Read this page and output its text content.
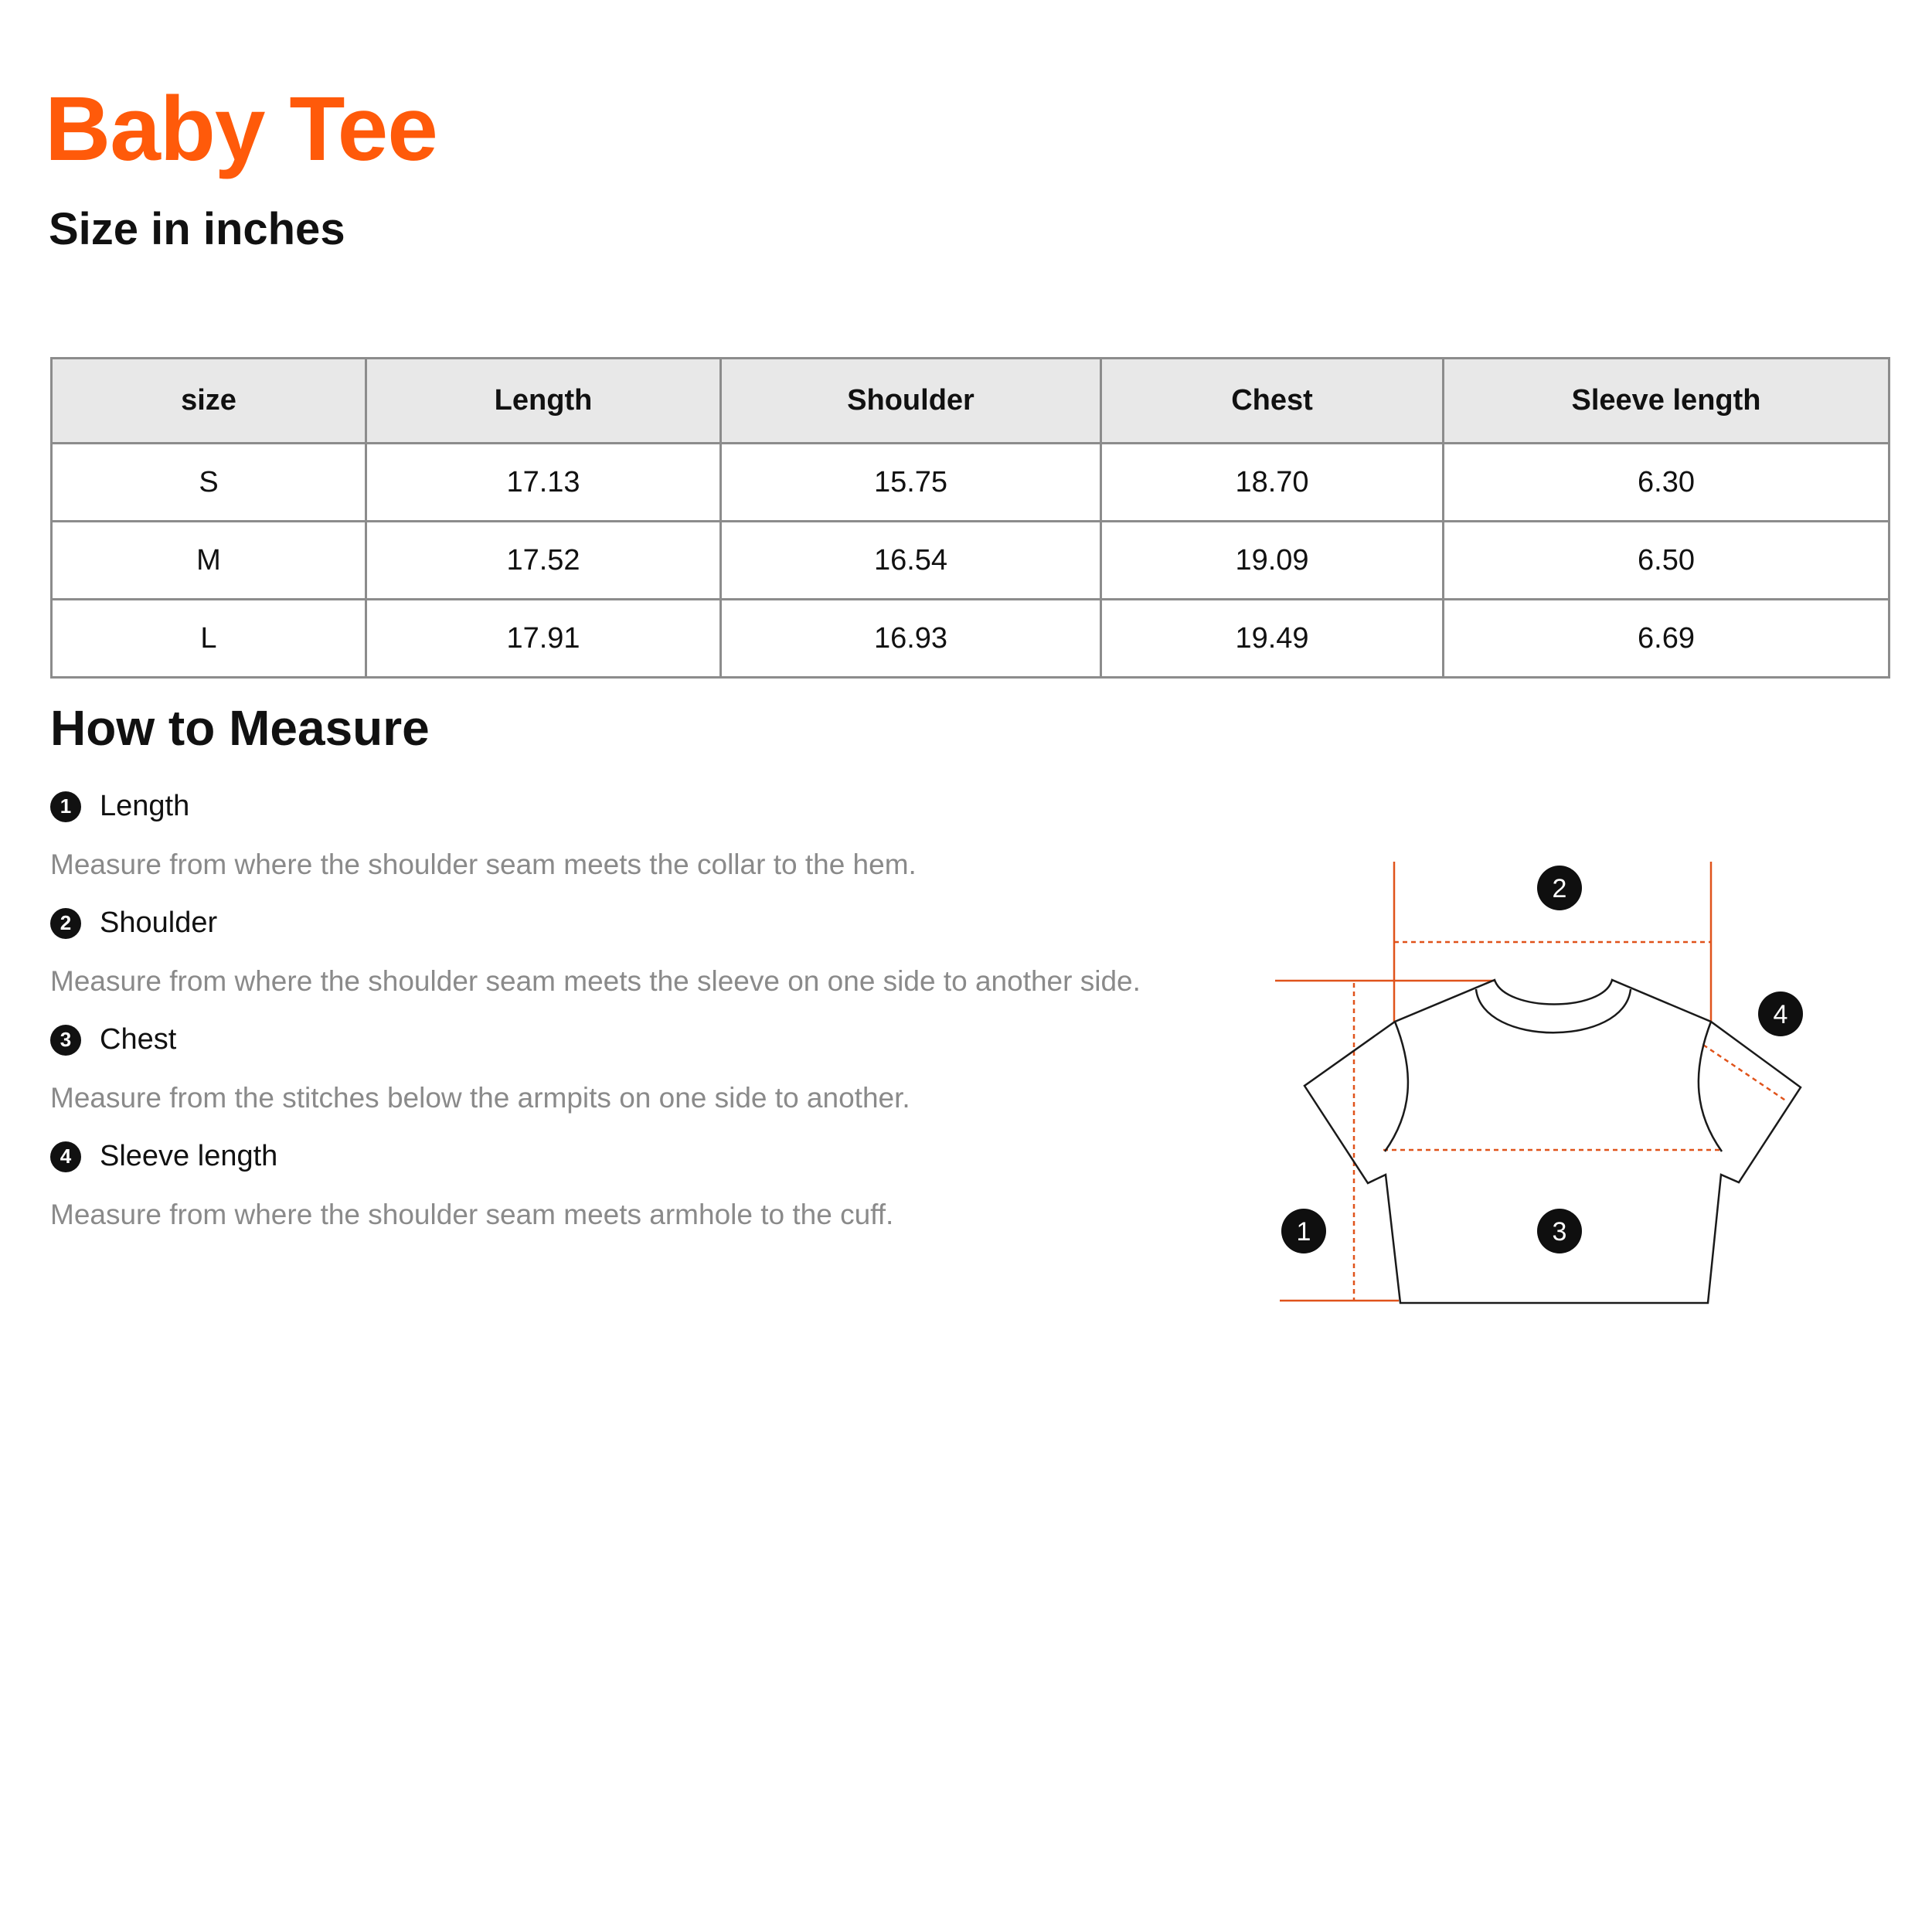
Baby Tee
Size in inches
size	Length	Shoulder	Chest	Sleeve length
S	17.13	15.75	18.70	6.30
M	17.52	16.54	19.09	6.50
L	17.91	16.93	19.49	6.69
How to Measure
1 Length

Measure from where the shoulder seam meets the collar to the hem.

2 Shoulder

Measure from where the shoulder seam meets the sleeve on one side to another side.

3 Chest

Measure from the stitches below the armpits on one side to another.

4 Sleeve length

Measure from where the shoulder seam meets armhole to the cuff.

1
2
3
4
